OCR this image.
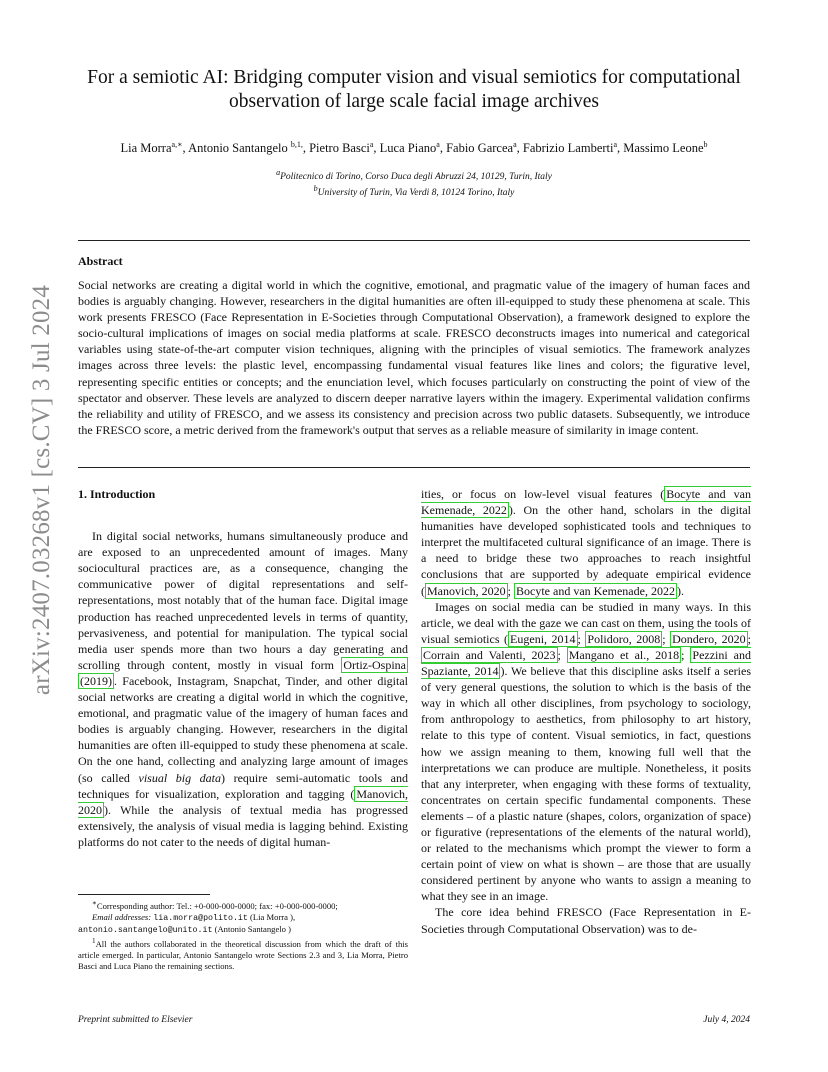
arXiv:2407.03268v1 [cs.CV] 3 Jul 2024
For a semiotic AI: Bridging computer vision and visual semiotics for computational
observation of large scale facial image archives
Lia Morra$^{a,∗}$, Antonio Santangelo $^{b,1,}$, Pietro Basci$^a$, Luca Piano$^a$, Fabio Garcea$^a$, Fabrizio Lamberti$^a$, Massimo Leone$^b$
$^a$Politecnico di Torino, Corso Duca degli Abruzzi 24, 10129, Turin, Italy
$^b$University of Turin, Via Verdi 8, 10124 Torino, Italy
Abstract

Social networks are creating a digital world in which the cognitive, emotional, and pragmatic value of the imagery of human faces and bodies is arguably changing. However, researchers in the digital humanities are often ill-equipped to study these phenomena at scale. This work presents FRESCO (Face Representation in E-Societies through Computational Observation), a framework designed to explore the socio-cultural implications of images on social media platforms at scale. FRESCO deconstructs images into numerical and categorical variables using state-of-the-art computer vision techniques, aligning with the principles of visual semiotics. The framework analyzes images across three levels: the plastic level, encompassing fundamental visual features like lines and colors; the figurative level, representing specific entities or concepts; and the enunciation level, which focuses particularly on constructing the point of view of the spectator and observer. These levels are analyzed to discern deeper narrative layers within the imagery. Experimental validation confirms the reliability and utility of FRESCO, and we assess its consistency and precision across two public datasets. Subsequently, we introduce the FRESCO score, a metric derived from the framework's output that serves as a reliable measure of similarity in image content.

1. Introduction

In digital social networks, humans simultaneously produce and are exposed to an unprecedented amount of images. Many sociocultural practices are, as a consequence, changing the communicative power of digital representations and self-representations, most notably that of the human face. Digital image production has reached unprecedented levels in terms of quantity, pervasiveness, and potential for manipulation. The typical social media user spends more than two hours a day generating and scrolling through content, mostly in visual form Ortiz-Ospina (2019) . Facebook, Instagram, Snapchat, Tinder, and other digital social networks are creating a digital world in which the cognitive, emotional, and pragmatic value of the imagery of human faces and bodies is arguably changing. However, researchers in the digital humanities are often ill-equipped to study these phenomena at scale. On the one hand, collecting and analyzing large amount of images (so called visual big data) require semi-automatic tools and techniques for visualization, exploration and tagging ( Manovich, 2020 ). While the analysis of textual media has progressed extensively, the analysis of visual media is lagging behind. Existing platforms do not cater to the needs of digital human-

ities, or focus on low-level visual features ( Bocyte and van Kemenade, 2022 ). On the other hand, scholars in the digital humanities have developed sophisticated tools and techniques to interpret the multifaceted cultural significance of an image. There is a need to bridge these two approaches to reach insightful conclusions that are supported by adequate empirical evidence ( Manovich, 2020 ; Bocyte and van Kemenade, 2022 ).

Images on social media can be studied in many ways. In this article, we deal with the gaze we can cast on them, using the tools of visual semiotics ( Eugeni, 2014 ; Polidoro, 2008 ; Dondero, 2020 ; Corrain and Valenti, 2023 ; Mangano et al., 2018 ; Pezzini and Spaziante, 2014 ). We believe that this discipline asks itself a series of very general questions, the solution to which is the basis of the way in which all other disciplines, from psychology to sociology, from anthropology to aesthetics, from philosophy to art history, relate to this type of content. Visual semiotics, in fact, questions how we assign meaning to them, knowing full well that the interpretations we can produce are multiple. Nonetheless, it posits that any interpreter, when engaging with these forms of textuality, concentrates on certain specific fundamental components. These elements – of a plastic nature (shapes, colors, organization of space) or figurative (representations of the elements of the natural world), or related to the mechanisms which prompt the viewer to form a certain point of view on what is shown – are those that are usually considered pertinent by anyone who wants to assign a meaning to what they see in an image.

The core idea behind FRESCO (Face Representation in E-Societies through Computational Observation) was to de-

∗Corresponding author: Tel.: +0-000-000-0000; fax: +0-000-000-0000;

Email addresses: lia.morra@polito.it (Lia Morra ),

antonio.santangelo@unito.it (Antonio Santangelo )

$^1$All the authors collaborated in the theoretical discussion from which the draft of this article emerged. In particular, Antonio Santangelo wrote Sections 2.3 and 3, Lia Morra, Pietro Basci and Luca Piano the remaining sections.

Preprint submitted to Elsevier	July 4, 2024
